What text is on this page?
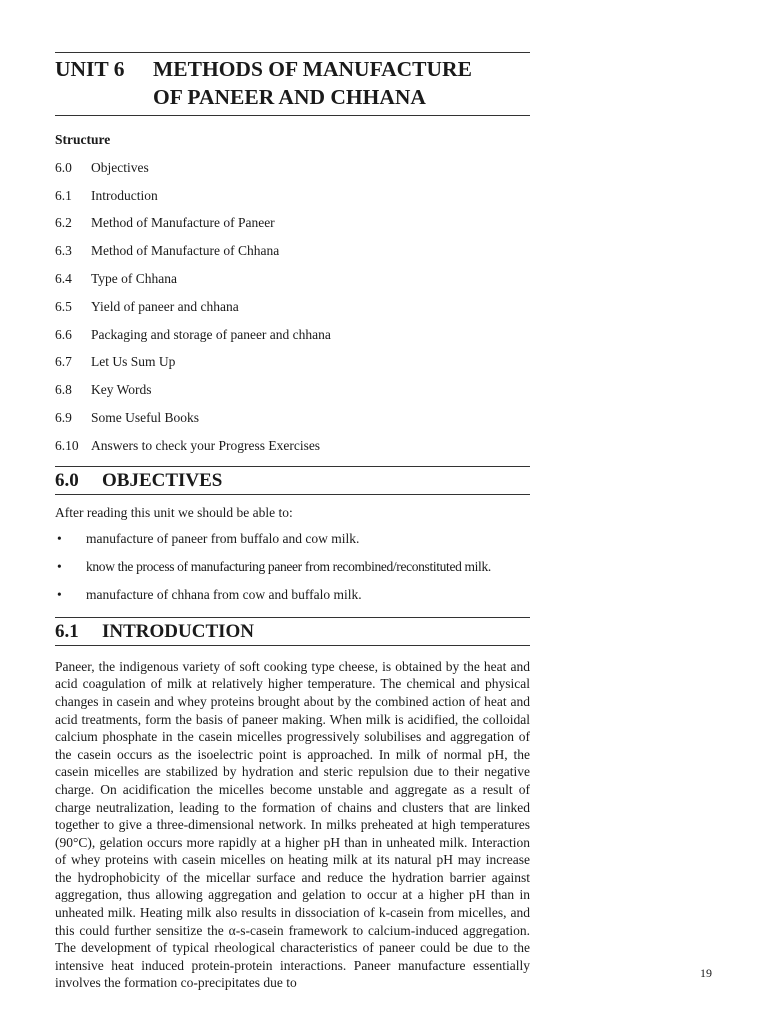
UNIT 6	METHODS OF MANUFACTURE
OF PANEER AND CHHANA
Structure
6.0	Objectives
6.1	Introduction
6.2	Method of Manufacture of Paneer
6.3	Method of Manufacture of Chhana
6.4	Type of Chhana
6.5	Yield of paneer and chhana
6.6	Packaging and storage of paneer and chhana
6.7	Let Us Sum Up
6.8	Key Words
6.9	Some Useful Books
6.10 Answers to check your Progress Exercises
6.0	OBJECTIVES
After reading this unit we should be able to:
•	manufacture of paneer from buffalo and cow milk.
•	know the process of manufacturing paneer from recombined/reconstituted milk.
•	manufacture of chhana from cow and buffalo milk.
6.1	INTRODUCTION
Paneer, the indigenous variety of soft cooking type cheese, is obtained by the heat and acid coagulation of milk at relatively higher temperature. The chemical and physical changes in casein and whey proteins brought about by the combined action of heat and acid treatments, form the basis of paneer making. When milk is acidified, the colloidal calcium phosphate in the casein micelles progressively solubilises and aggregation of the casein occurs as the isoelectric point is approached. In milk of normal pH, the casein micelles are stabilized by hydration and steric repulsion due to their negative charge. On acidification the micelles become unstable and aggregate as a result of charge neutralization, leading to the formation of chains and clusters that are linked together to give a three-dimensional network. In milks preheated at high temperatures (90°C), gelation occurs more rapidly at a higher pH than in unheated milk. Interaction of whey proteins with casein micelles on heating milk at its natural pH may increase the hydrophobicity of the micellar surface and reduce the hydration barrier against aggregation, thus allowing aggregation and gelation to occur at a higher pH than in unheated milk. Heating milk also results in dissociation of k-casein from micelles, and this could further sensitize the α-s-casein framework to calcium-induced aggregation. The development of typical rheological characteristics of paneer could be due to the intensive heat induced protein-protein interactions. Paneer manufacture essentially involves the formation co-precipitates due to
19
